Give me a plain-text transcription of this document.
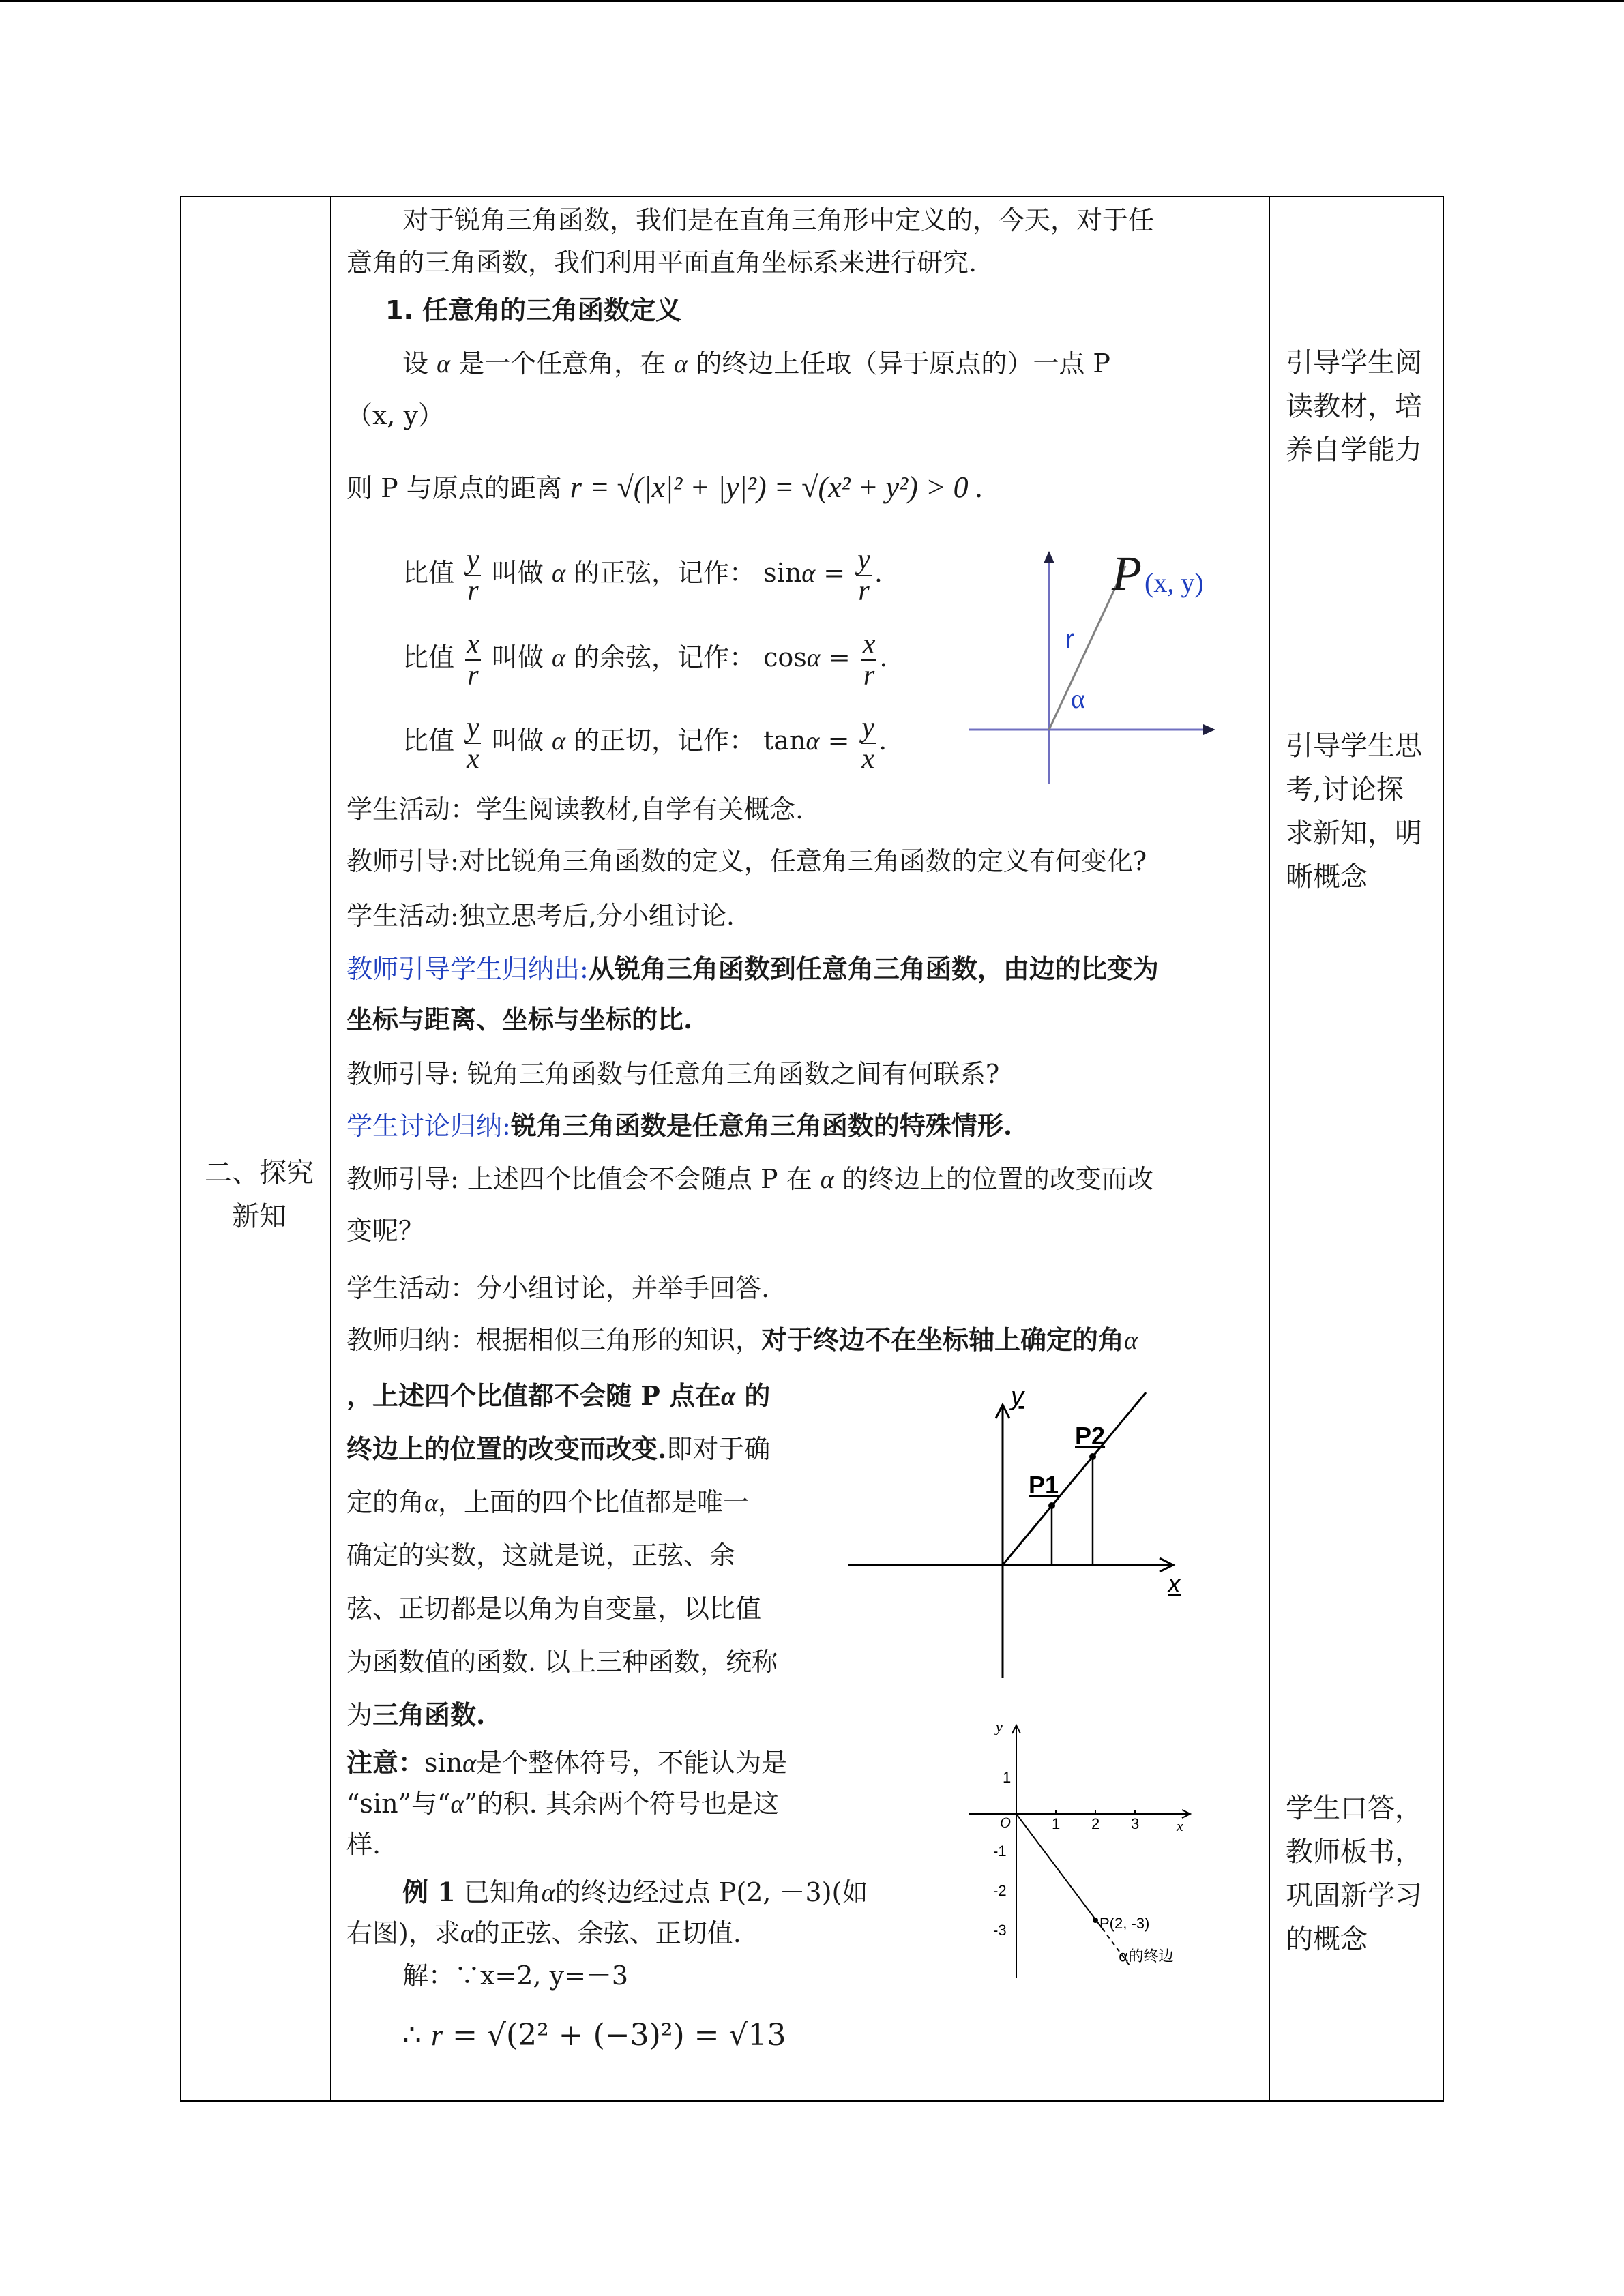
二、探究
新知
引导学生阅
读教材，培
养自学能力
引导学生思
考,讨论探
求新知，明
晰概念
学生口答，
教师板书，
巩固新学习
的概念
对于锐角三角函数，我们是在直角三角形中定义的，今天，对于任
意角的三角函数，我们利用平面直角坐标系来进行研究.
1. 任意角的三角函数定义
设 α 是一个任意角，在 α 的终边上任取（异于原点的）一点 P
（x, y）
则 P 与原点的距离 r = √(|x|² + |y|²) = √(x² + y²) > 0 .
比值 $\frac{y}{r}$ 叫做 α 的正弦，记作： $\sin\alpha = \frac{y}{r}$ .
比值 $\frac{x}{r}$ 叫做 α 的余弦，记作： $\cos\alpha = \frac{x}{r}$ .
比值 $\frac{y}{x}$ 叫做 α 的正切，记作： $\tan\alpha = \frac{y}{x}$ .
P (x, y)
r
α
学生活动：学生阅读教材,自学有关概念.
教师引导:对比锐角三角函数的定义，任意角三角函数的定义有何变化?
学生活动:独立思考后,分小组讨论.
教师引导学生归纳出:从锐角三角函数到任意角三角函数，由边的比变为
坐标与距离、坐标与坐标的比.
教师引导: 锐角三角函数与任意角三角函数之间有何联系?
学生讨论归纳:锐角三角函数是任意角三角函数的特殊情形.
教师引导: 上述四个比值会不会随点 P 在 α 的终边上的位置的改变而改
变呢？
学生活动：分小组讨论，并举手回答.
教师归纳：根据相似三角形的知识，对于终边不在坐标轴上确定的角α
，上述四个比值都不会随 P 点在α 的
终边上的位置的改变而改变.即对于确
定的角α，上面的四个比值都是唯一
确定的实数，这就是说，正弦、余
弦、正切都是以角为自变量，以比值
为函数值的函数. 以上三种函数，统称
为三角函数.
y
x
P1
P2
注意：sinα是个整体符号，不能认为是
“sin”与“α”的积. 其余两个符号也是这
样.
例 1 已知角α的终边经过点 P(2, －3)(如
右图)，求α的正弦、余弦、正切值.
解：∵x=2, y=－3
∴ r = √(2² + (−3)²) = √13
y
x
O	1 2 3
1
-1
-2
-3	P(2, -3)
α的终边
